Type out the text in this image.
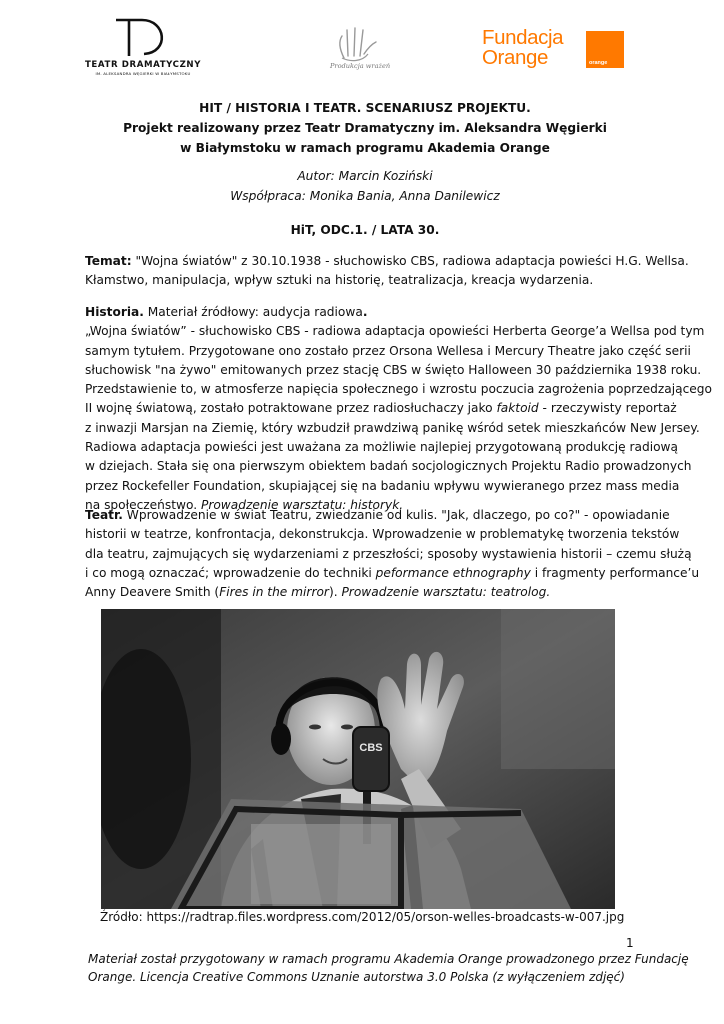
TEATR DRAMATYCZNY
IM. ALEKSANDRA WĘGIERKI W BIAŁYMSTOKU
Produkcja wrażeń
Fundacja
Orange	orange
HIT / HISTORIA I TEATR. SCENARIUSZ PROJEKTU.
Projekt realizowany przez Teatr Dramatyczny im. Aleksandra Węgierki
w Białymstoku w ramach programu Akademia Orange
Autor: Marcin Koziński
Współpraca: Monika Bania, Anna Danilewicz
HiT, ODC.1. / LATA 30.

Temat: "Wojna światów" z 30.10.1938 - słuchowisko CBS, radiowa adaptacja powieści H.G. Wellsa.

Kłamstwo, manipulacja, wpływ sztuki na historię, teatralizacja, kreacja wydarzenia.

Historia. Materiał źródłowy: audycja radiowa.

„Wojna światów” - słuchowisko CBS - radiowa adaptacja opowieści Herberta George’a Wellsa pod tym

samym tytułem. Przygotowane ono zostało przez Orsona Wellesa i Mercury Theatre jako część serii

słuchowisk "na żywo" emitowanych przez stację CBS w święto Halloween 30 października 1938 roku.

Przedstawienie to, w atmosferze napięcia społecznego i wzrostu poczucia zagrożenia poprzedzającego

II wojnę światową, zostało potraktowane przez radiosłuchaczy jako faktoid - rzeczywisty reportaż

z inwazji Marsjan na Ziemię, który wzbudził prawdziwą panikę wśród setek mieszkańców New Jersey.

Radiowa adaptacja powieści jest uważana za możliwie najlepiej przygotowaną produkcję radiową

w dziejach. Stała się ona pierwszym obiektem badań socjologicznych Projektu Radio prowadzonych

przez Rockefeller Foundation, skupiającej się na badaniu wpływu wywieranego przez mass media

na społeczeństwo. Prowadzenie warsztatu: historyk.

Teatr. Wprowadzenie w świat Teatru, zwiedzanie od kulis. "Jak, dlaczego, po co?" - opowiadanie

historii w teatrze, konfrontacja, dekonstrukcja. Wprowadzenie w problematykę tworzenia tekstów

dla teatru, zajmujących się wydarzeniami z przeszłości; sposoby wystawienia historii – czemu służą

i co mogą oznaczać; wprowadzenie do techniki peformance ethnography i fragmenty performance’u

Anny Deavere Smith (Fires in the mirror). Prowadzenie warsztatu: teatrolog.

CBS
Źródło: https://radtrap.files.wordpress.com/2012/05/orson-welles-broadcasts-w-007.jpg
1
Materiał został przygotowany w ramach programu Akademia Orange prowadzonego przez Fundację
Orange. Licencja Creative Commons Uznanie autorstwa 3.0 Polska (z wyłączeniem zdjęć)
